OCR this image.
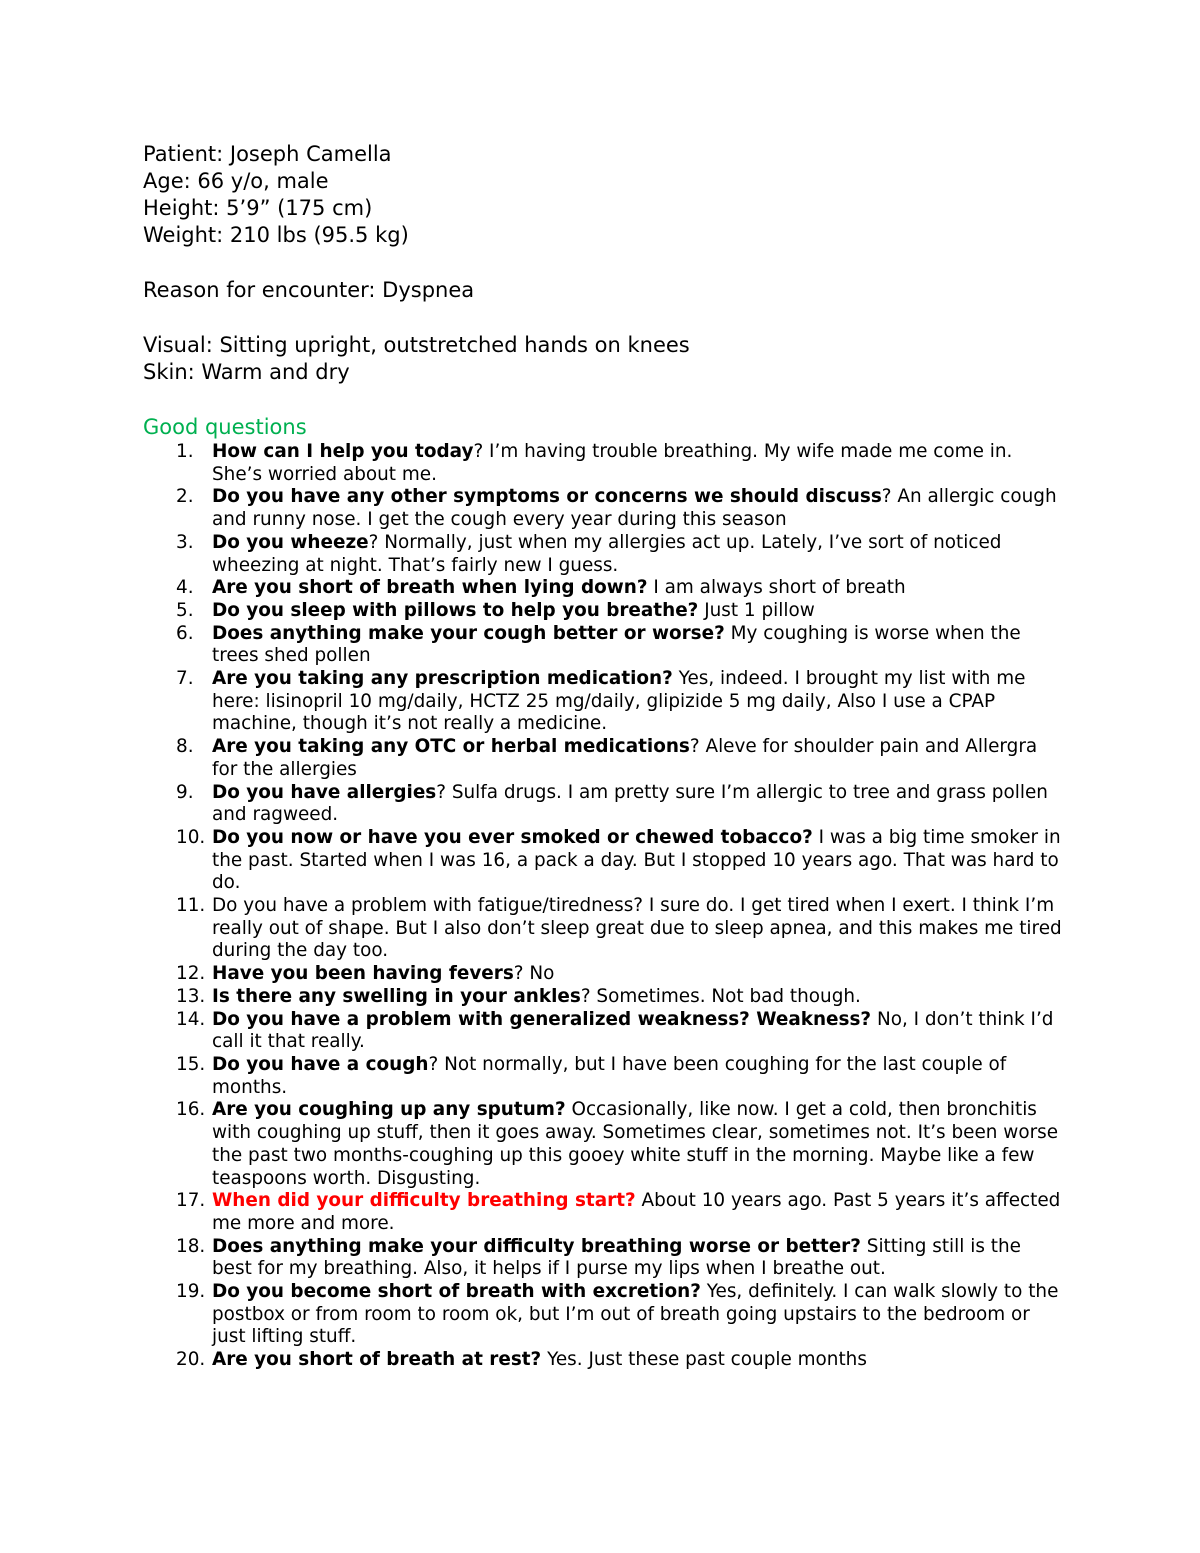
Patient: Joseph Camella

Age: 66 y/o, male

Height: 5’9” (175 cm)

Weight: 210 lbs (95.5 kg)

Reason for encounter: Dyspnea

Visual: Sitting upright, outstretched hands on knees

Skin: Warm and dry

Good questions

1. How can I help you today? I’m having trouble breathing. My wife made me come in. She’s worried about me.
2. Do you have any other symptoms or concerns we should discuss? An allergic cough and runny nose. I get the cough every year during this season
3. Do you wheeze? Normally, just when my allergies act up. Lately, I’ve sort of noticed wheezing at night. That’s fairly new I guess.
4. Are you short of breath when lying down? I am always short of breath
5. Do you sleep with pillows to help you breathe? Just 1 pillow
6. Does anything make your cough better or worse? My coughing is worse when the trees shed pollen
7. Are you taking any prescription medication? Yes, indeed. I brought my list with me here: lisinopril 10 mg/daily, HCTZ 25 mg/daily, glipizide 5 mg daily, Also I use a CPAP machine, though it’s not really a medicine.
8. Are you taking any OTC or herbal medications? Aleve for shoulder pain and Allergra for the allergies
9. Do you have allergies? Sulfa drugs. I am pretty sure I’m allergic to tree and grass pollen and ragweed.
10. Do you now or have you ever smoked or chewed tobacco? I was a big time smoker in the past. Started when I was 16, a pack a day. But I stopped 10 years ago. That was hard to do.
11. Do you have a problem with fatigue/tiredness? I sure do. I get tired when I exert. I think I’m really out of shape. But I also don’t sleep great due to sleep apnea, and this makes me tired during the day too.
12. Have you been having fevers? No
13. Is there any swelling in your ankles? Sometimes. Not bad though.
14. Do you have a problem with generalized weakness? Weakness? No, I don’t think I’d call it that really.
15. Do you have a cough? Not normally, but I have been coughing for the last couple of months.
16. Are you coughing up any sputum? Occasionally, like now. I get a cold, then bronchitis with coughing up stuff, then it goes away. Sometimes clear, sometimes not. It’s been worse the past two months-coughing up this gooey white stuff in the morning. Maybe like a few teaspoons worth. Disgusting.
17. When did your difficulty breathing start? About 10 years ago. Past 5 years it’s affected me more and more.
18. Does anything make your difficulty breathing worse or better? Sitting still is the best for my breathing. Also, it helps if I purse my lips when I breathe out.
19. Do you become short of breath with excretion? Yes, definitely. I can walk slowly to the postbox or from room to room ok, but I’m out of breath going upstairs to the bedroom or just lifting stuff.
20. Are you short of breath at rest? Yes. Just these past couple months
